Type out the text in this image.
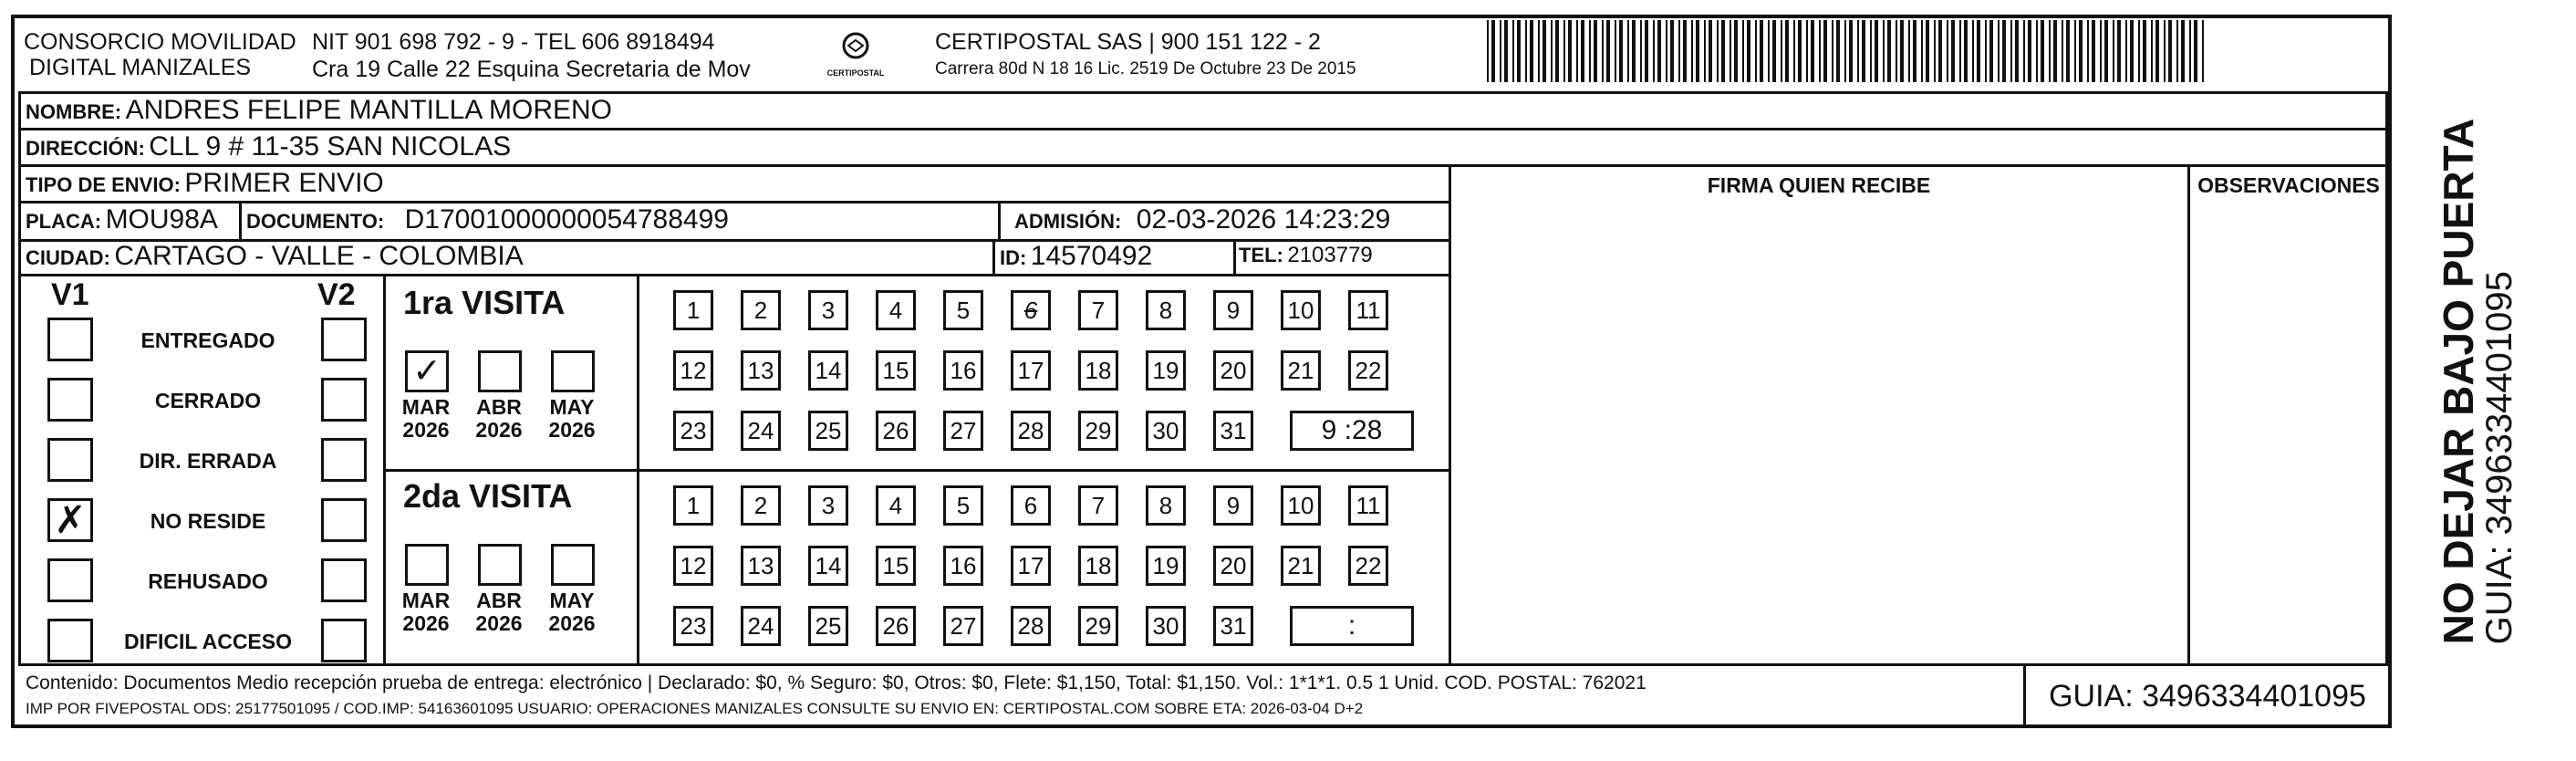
CONSORCIO MOVILIDAD
DIGITAL MANIZALES
NIT 901 698 792 - 9 - TEL 606 8918494
Cra 19 Calle 22 Esquina Secretaria de Mov	CERTIPOSTAL
CERTIPOSTAL SAS | 900 151 122 - 2
Carrera 80d N 18 16 Lic. 2519 De Octubre 23 De 2015
NOMBRE: ANDRES FELIPE MANTILLA MORENO
DIRECCIÓN: CLL 9 # 11-35 SAN NICOLAS
TIPO DE ENVIO: PRIMER ENVIO	FIRMA QUIEN RECIBE	OBSERVACIONES
PLACA: MOU98A DOCUMENTO: D17001000000054788499	ADMISIÓN: 02-03-2026 14:23:29
CIUDAD: CARTAGO - VALLE - COLOMBIA	ID: 14570492	TEL: 2103779
V1	V2
ENTREGADO
CERRADO
DIR. ERRADA
✗	NO RESIDE
REHUSADO
DIFICIL ACCESO
1ra VISITA
✓
MAR
2026
ABR
2026
MAY
2026
1	2	3	4	5	6	7	8	9	10	11
12 13 14 15 16 17 18 19 20 21 22
23 24 25 26 27 28 29 30 31	9 :28
2da VISITA
MAR
2026
ABR
2026
MAY
2026
1	2	3	4	5	6	7	8	9	10	11
12 13 14 15 16 17 18 19 20 21 22
23 24 25 26 27 28 29 30 31	:
Contenido: Documentos Medio recepción prueba de entrega: electrónico | Declarado: $0, % Seguro: $0, Otros: $0, Flete: $1,150, Total: $1,150. Vol.: 1*1*1. 0.5 1 Unid. COD. POSTAL: 762021
IMP POR FIVEPOSTAL ODS: 25177501095 / COD.IMP: 54163601095 USUARIO: OPERACIONES MANIZALES CONSULTE SU ENVIO EN: CERTIPOSTAL.COM SOBRE ETA: 2026-03-04 D+2	GUIA: 3496334401095
NO DEJAR BAJO PUERTA
GUIA: 3496334401095
